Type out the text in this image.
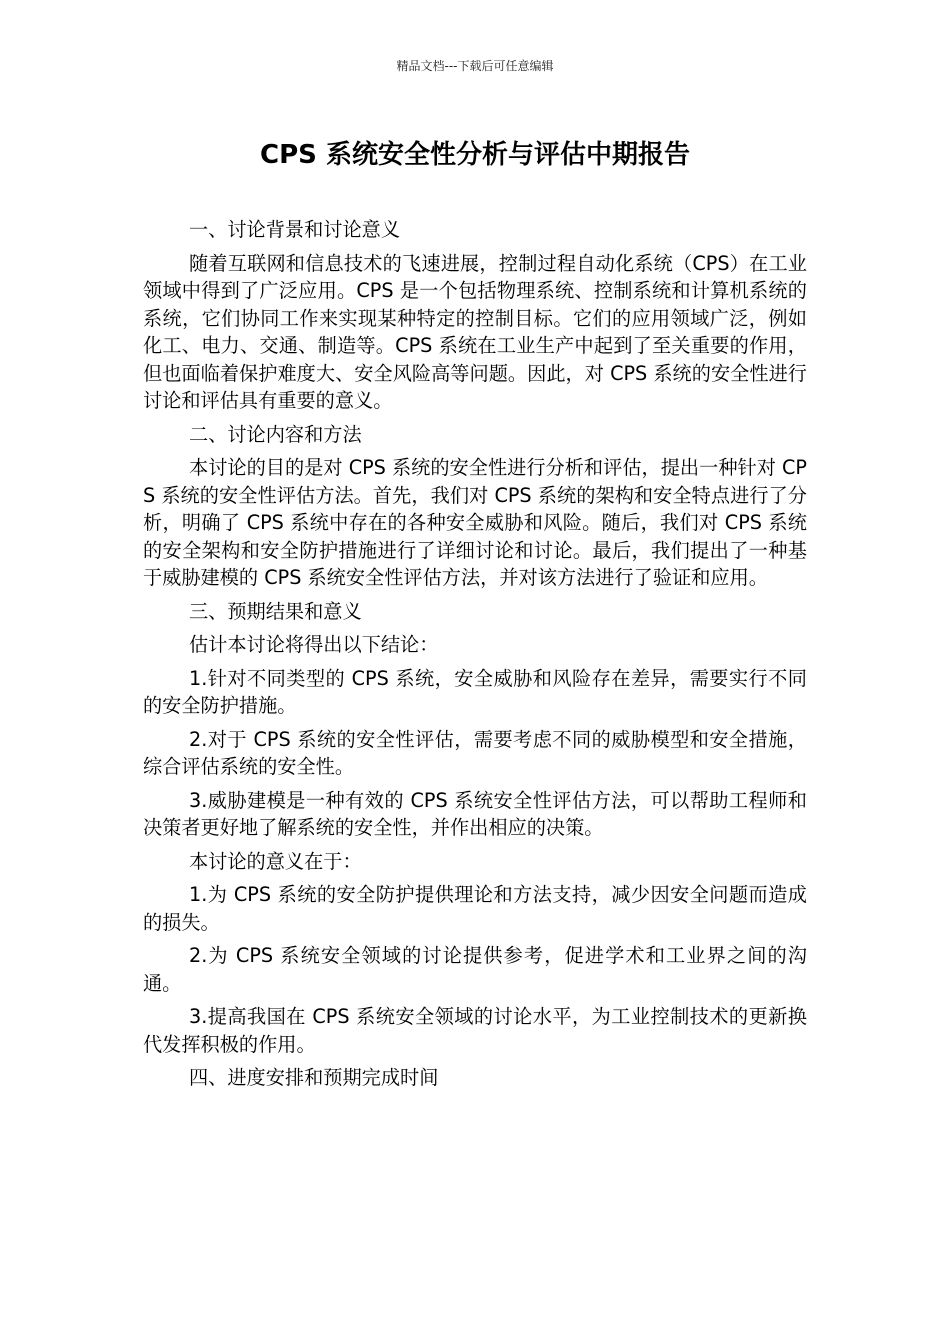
精品文档---下载后可任意编辑
CPS 系统安全性分析与评估中期报告

一、讨论背景和讨论意义

随着互联网和信息技术的飞速进展，控制过程自动化系统（CPS）在工业领域中得到了广泛应用。CPS 是一个包括物理系统、控制系统和计算机系统的系统，它们协同工作来实现某种特定的控制目标。它们的应用领域广泛，例如化工、电力、交通、制造等。CPS 系统在工业生产中起到了至关重要的作用，但也面临着保护难度大、安全风险高等问题。因此，对 CPS 系统的安全性进行讨论和评估具有重要的意义。

二、讨论内容和方法

本讨论的目的是对 CPS 系统的安全性进行分析和评估，提出一种针对 CPS 系统的安全性评估方法。首先，我们对 CPS 系统的架构和安全特点进行了分析，明确了 CPS 系统中存在的各种安全威胁和风险。随后，我们对 CPS 系统的安全架构和安全防护措施进行了详细讨论和讨论。最后，我们提出了一种基于威胁建模的 CPS 系统安全性评估方法，并对该方法进行了验证和应用。

三、预期结果和意义

估计本讨论将得出以下结论：

1.针对不同类型的 CPS 系统，安全威胁和风险存在差异，需要实行不同的安全防护措施。

2.对于 CPS 系统的安全性评估，需要考虑不同的威胁模型和安全措施，综合评估系统的安全性。

3.威胁建模是一种有效的 CPS 系统安全性评估方法，可以帮助工程师和决策者更好地了解系统的安全性，并作出相应的决策。

本讨论的意义在于：

1.为 CPS 系统的安全防护提供理论和方法支持，减少因安全问题而造成的损失。

2.为 CPS 系统安全领域的讨论提供参考，促进学术和工业界之间的沟通。

3.提高我国在 CPS 系统安全领域的讨论水平，为工业控制技术的更新换代发挥积极的作用。

四、进度安排和预期完成时间
